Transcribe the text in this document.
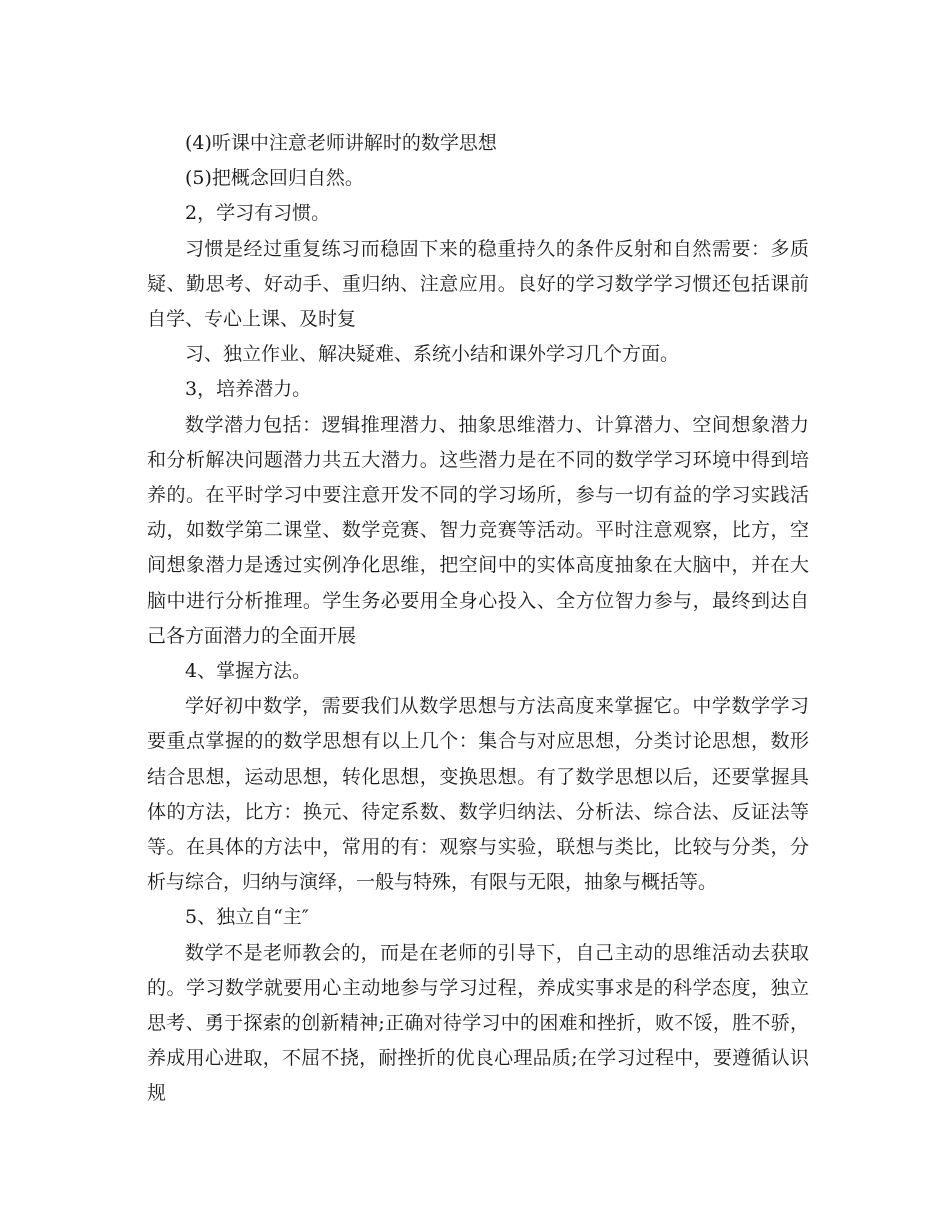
(4)听课中注意老师讲解时的数学思想

(5)把概念回归自然。

2，学习有习惯。

习惯是经过重复练习而稳固下来的稳重持久的条件反射和自然需要：多质疑、勤思考、好动手、重归纳、注意应用。良好的学习数学学习惯还包括课前自学、专心上课、及时复

习、独立作业、解决疑难、系统小结和课外学习几个方面。

3，培养潜力。

数学潜力包括：逻辑推理潜力、抽象思维潜力、计算潜力、空间想象潜力和分析解决问题潜力共五大潜力。这些潜力是在不同的数学学习环境中得到培养的。在平时学习中要注意开发不同的学习场所，参与一切有益的学习实践活动，如数学第二课堂、数学竞赛、智力竞赛等活动。平时注意观察，比方，空间想象潜力是透过实例净化思维，把空间中的实体高度抽象在大脑中，并在大脑中进行分析推理。学生务必要用全身心投入、全方位智力参与，最终到达自己各方面潜力的全面开展

4、掌握方法。

学好初中数学，需要我们从数学思想与方法高度来掌握它。中学数学学习要重点掌握的的数学思想有以上几个：集合与对应思想，分类讨论思想，数形结合思想，运动思想，转化思想，变换思想。有了数学思想以后，还要掌握具体的方法，比方：换元、待定系数、数学归纳法、分析法、综合法、反证法等等。在具体的方法中，常用的有：观察与实验，联想与类比，比较与分类，分析与综合，归纳与演绎，一般与特殊，有限与无限，抽象与概括等。

5、独立自“主″

数学不是老师教会的，而是在老师的引导下，自己主动的思维活动去获取的。学习数学就要用心主动地参与学习过程，养成实事求是的科学态度，独立思考、勇于探索的创新精神;正确对待学习中的困难和挫折，败不馁，胜不骄，养成用心进取，不屈不挠，耐挫折的优良心理品质;在学习过程中，要遵循认识规
